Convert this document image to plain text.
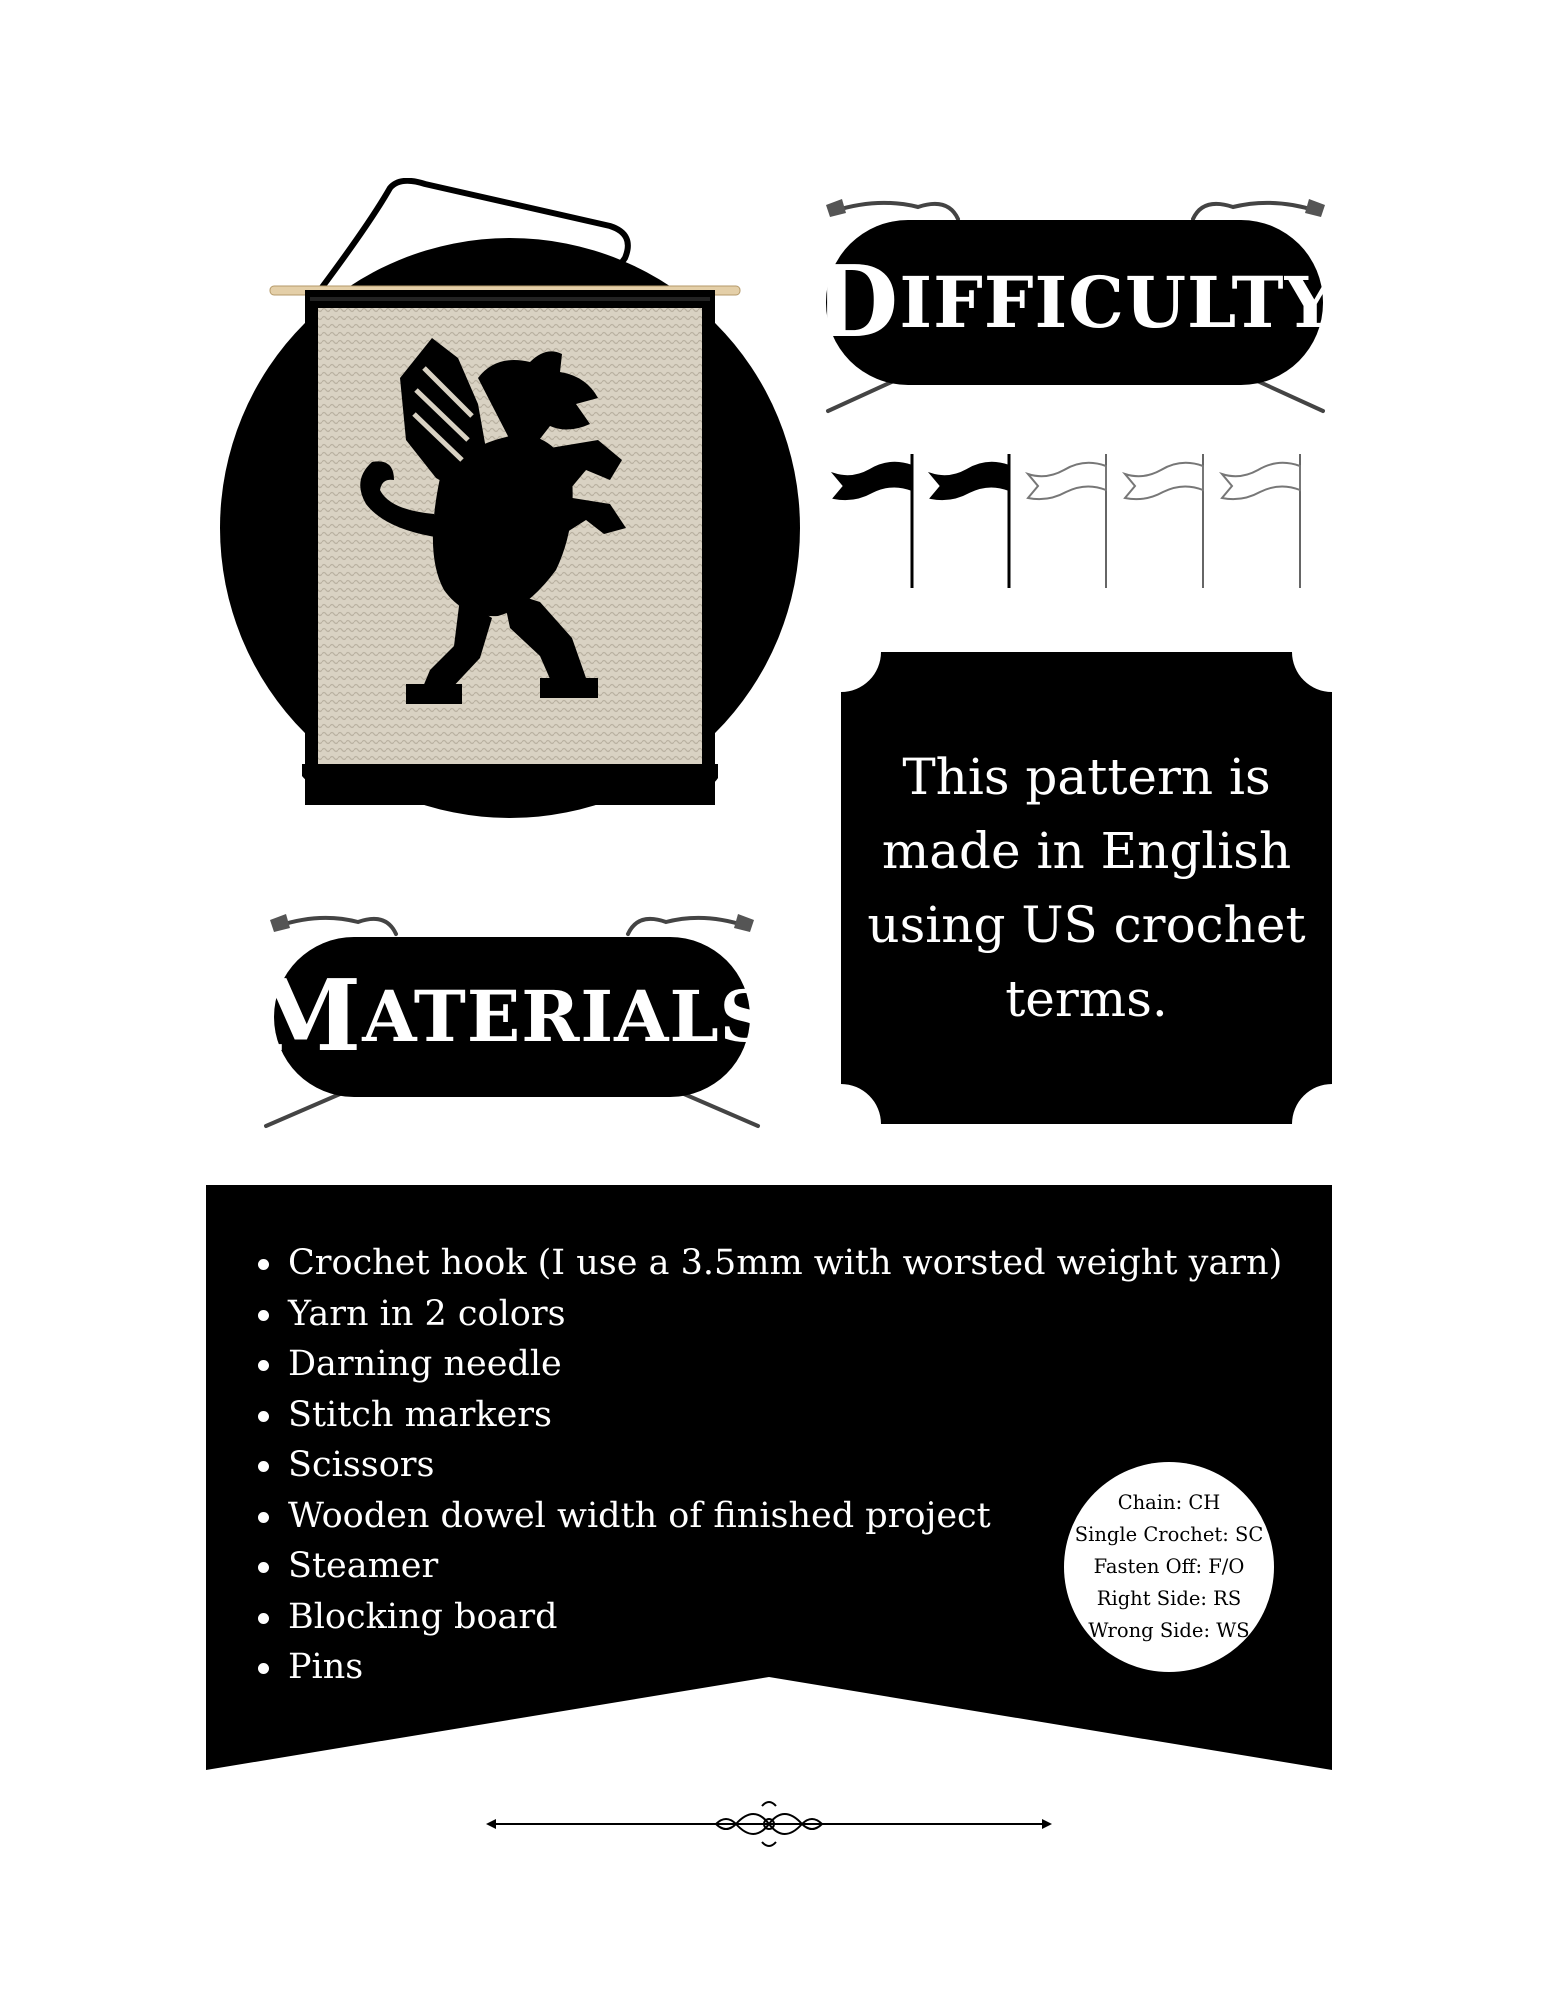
D IFFICULTY
This pattern is made in English using US crochet terms.
M ATERIALS
Crochet hook (I use a 3.5mm with worsted weight yarn)
Yarn in 2 colors
Darning needle
Stitch markers
Scissors
Wooden dowel width of finished project
Steamer
Blocking board
Pins
Chain: CH
Single Crochet: SC
Fasten Off: F/O
Right Side: RS
Wrong Side: WS
